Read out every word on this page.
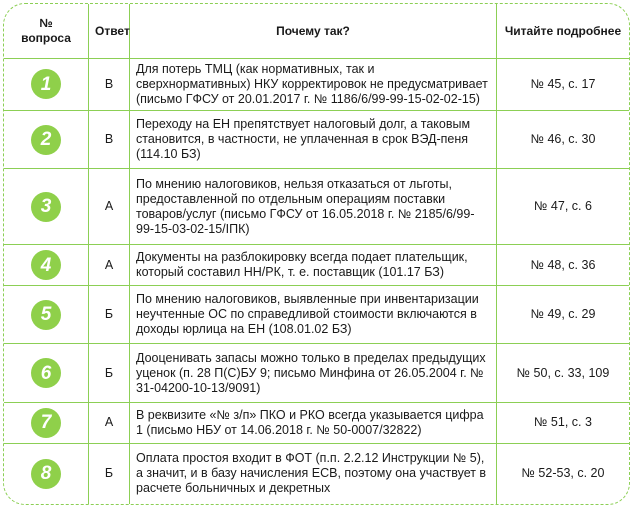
№
вопроса	Ответ	Почему так?	Читайте подробнее
1	В	Для потерь ТМЦ (как нормативных, так и сверхнормативных) НКУ корректировок не предусматривает (письмо ГФСУ от 20.01.2017 г. № 1186/6/99-99-15-02-02-15)	№ 45, с. 17
2	В	Переходу на ЕН препятствует налоговый долг, а таковым становится, в частности, не уплаченная в срок ВЭД-пеня (114.10 БЗ)	№ 46, с. 30
3	А	По мнению налоговиков, нельзя отказаться от льготы, предоставленной по отдельным операциям поставки товаров/услуг (письмо ГФСУ от 16.05.2018 г. № 2185/6/99-99-15-03-02-15/ІПК)	№ 47, с. 6
4	А	Документы на разблокировку всегда подает плательщик, который составил НН/РК, т. е. поставщик (101.17 БЗ)	№ 48, с. 36
5	Б	По мнению налоговиков, выявленные при инвентаризации неучтенные ОС по справедливой стоимости включаются в доходы юрлица на ЕН (108.01.02 БЗ)	№ 49, с. 29
6	Б	Дооценивать запасы можно только в пределах предыдущих уценок (п. 28 П(С)БУ 9; письмо Минфина от 26.05.2004 г. № 31-04200-10-13/9091)	№ 50, с. 33, 109
7	А	В реквизите «№ з/п» ПКО и РКО всегда указывается цифра 1 (письмо НБУ от 14.06.2018 г. № 50-0007/32822)	№ 51, с. 3
8	Б	Оплата простоя входит в ФОТ (п.п. 2.2.12 Инструкции № 5), а значит, и в базу начисления ЕСВ, поэтому она участвует в расчете больничных и декретных	№ 52-53, с. 20
